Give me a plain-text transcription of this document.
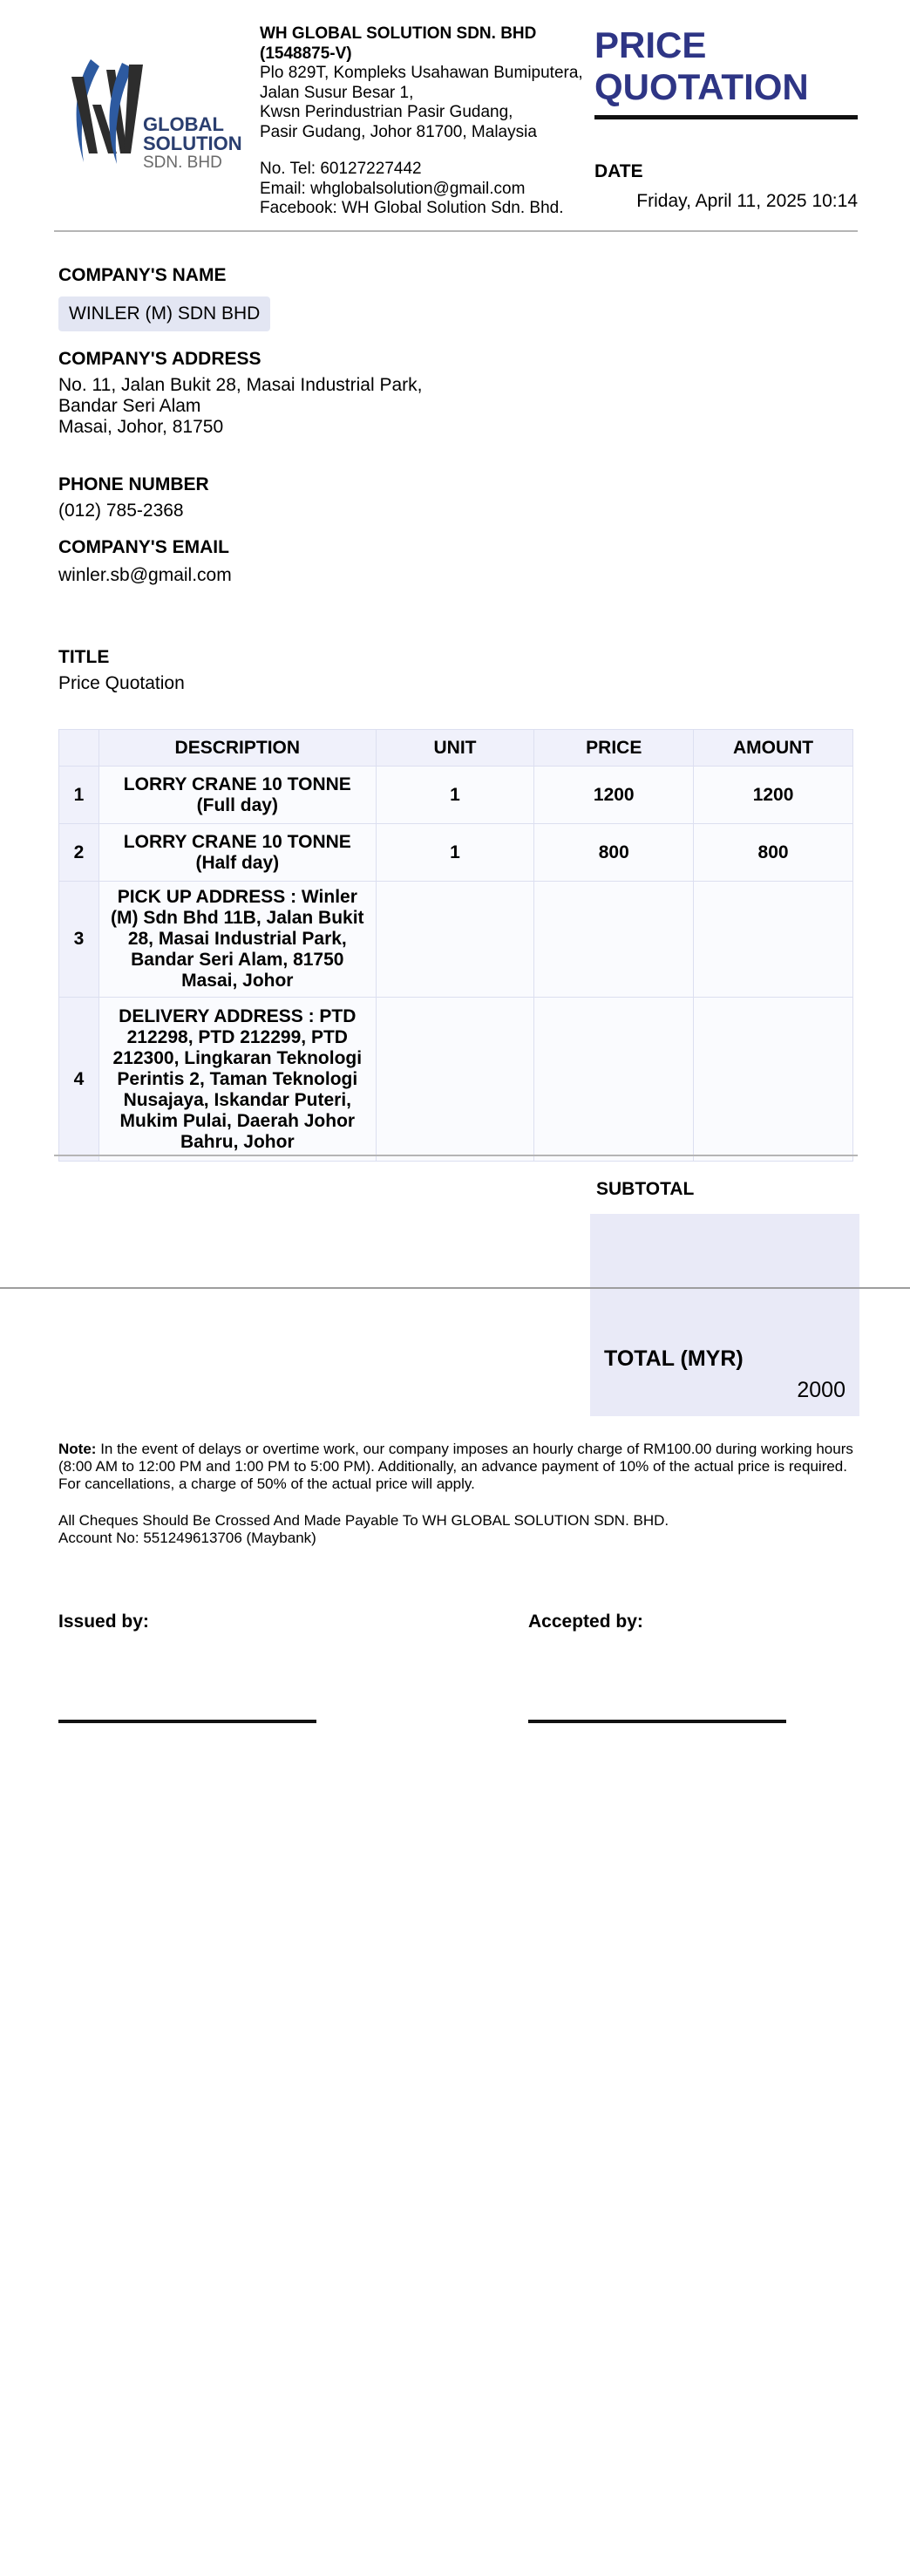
GLOBAL
SOLUTION
SDN. BHD
WH GLOBAL SOLUTION SDN. BHD (1548875-V)
Plo 829T, Kompleks Usahawan Bumiputera,
Jalan Susur Besar 1,
Kwsn Perindustrian Pasir Gudang,
Pasir Gudang, Johor 81700, Malaysia
No. Tel: 60127227442
Email: whglobalsolution@gmail.com
Facebook: WH Global Solution Sdn. Bhd.
PRICE QUOTATION
DATE
Friday, April 11, 2025 10:14
COMPANY'S NAME
WINLER (M) SDN BHD
COMPANY'S ADDRESS
No. 11, Jalan Bukit 28, Masai Industrial Park,
Bandar Seri Alam
Masai, Johor, 81750
PHONE NUMBER
(012) 785-2368
COMPANY'S EMAIL
winler.sb@gmail.com
TITLE
Price Quotation
	DESCRIPTION	UNIT	PRICE	AMOUNT
1	LORRY CRANE 10 TONNE (Full day)	1	1200	1200
2	LORRY CRANE 10 TONNE (Half day)	1	800	800
3	PICK UP ADDRESS : Winler (M) Sdn Bhd 11B, Jalan Bukit 28, Masai Industrial Park, Bandar Seri Alam, 81750 Masai, Johor			
4	DELIVERY ADDRESS : PTD 212298, PTD 212299, PTD 212300, Lingkaran Teknologi Perintis 2, Taman Teknologi Nusajaya, Iskandar Puteri, Mukim Pulai, Daerah Johor Bahru, Johor			
SUBTOTAL
TOTAL (MYR)
2000
Note: In the event of delays or overtime work, our company imposes an hourly charge of RM100.00 during working hours (8:00 AM to 12:00 PM and 1:00 PM to 5:00 PM). Additionally, an advance payment of 10% of the actual price is required. For cancellations, a charge of 50% of the actual price will apply.
All Cheques Should Be Crossed And Made Payable To WH GLOBAL SOLUTION SDN. BHD.
Account No: 551249613706 (Maybank)
Issued by:	Accepted by:
